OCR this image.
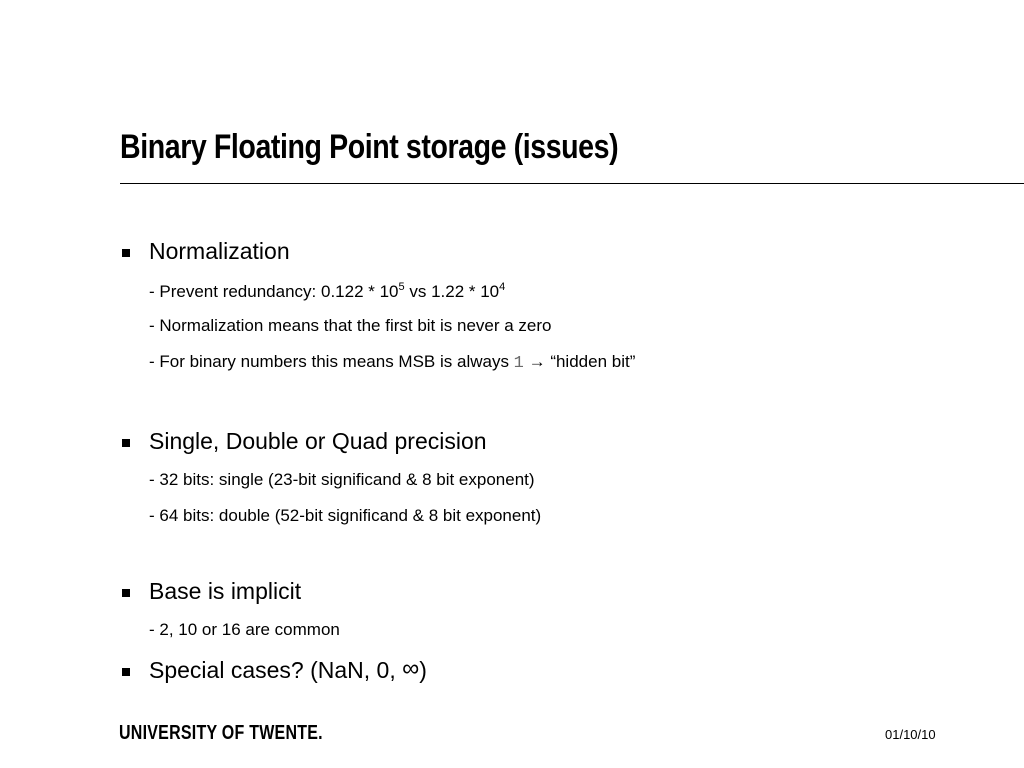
Binary Floating Point storage (issues)
Normalization
- Prevent redundancy: $0.122 * 10^5$ vs $1.22 * 10^4$
- Normalization means that the first bit is never a zero
- For binary numbers this means MSB is always 1 → “hidden bit”
Single, Double or Quad precision
- 32 bits: single (23-bit significand & 8 bit exponent)
- 64 bits: double (52-bit significand & 8 bit exponent)
Base is implicit
- 2, 10 or 16 are common
Special cases? (NaN, 0, ∞)
UNIVERSITY OF TWENTE.	01/10/10
